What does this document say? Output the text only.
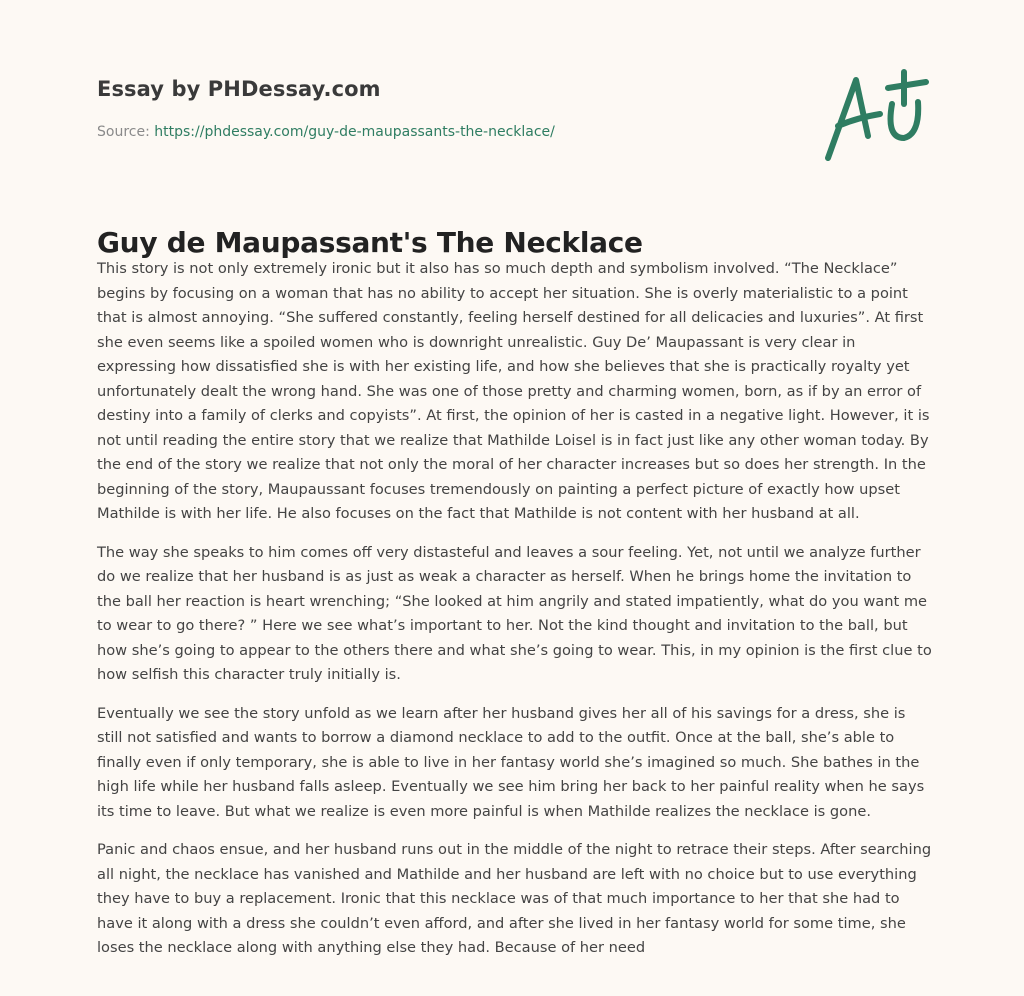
Essay by PHDessay.com
Source: https://phdessay.com/guy-de-maupassants-the-necklace/
Guy de Maupassant's The Necklace

This story is not only extremely ironic but it also has so much depth and symbolism involved. “The Necklace” begins by focusing on a woman that has no ability to accept her situation. She is overly materialistic to a point that is almost annoying. “She suffered constantly, feeling herself destined for all delicacies and luxuries”. At first she even seems like a spoiled women who is downright unrealistic. Guy De’ Maupassant is very clear in expressing how dissatisfied she is with her existing life, and how she believes that she is practically royalty yet unfortunately dealt the wrong hand. She was one of those pretty and charming women, born, as if by an error of destiny into a family of clerks and copyists”. At first, the opinion of her is casted in a negative light. However, it is not until reading the entire story that we realize that Mathilde Loisel is in fact just like any other woman today. By the end of the story we realize that not only the moral of her character increases but so does her strength. In the beginning of the story, Maupaussant focuses tremendously on painting a perfect picture of exactly how upset Mathilde is with her life. He also focuses on the fact that Mathilde is not content with her husband at all.

The way she speaks to him comes off very distasteful and leaves a sour feeling. Yet, not until we analyze further do we realize that her husband is as just as weak a character as herself. When he brings home the invitation to the ball her reaction is heart wrenching; “She looked at him angrily and stated impatiently, what do you want me to wear to go there? ” Here we see what’s important to her. Not the kind thought and invitation to the ball, but how she’s going to appear to the others there and what she’s going to wear. This, in my opinion is the first clue to how selfish this character truly initially is.

Eventually we see the story unfold as we learn after her husband gives her all of his savings for a dress, she is still not satisfied and wants to borrow a diamond necklace to add to the outfit. Once at the ball, she’s able to finally even if only temporary, she is able to live in her fantasy world she’s imagined so much. She bathes in the high life while her husband falls asleep. Eventually we see him bring her back to her painful reality when he says its time to leave. But what we realize is even more painful is when Mathilde realizes the necklace is gone.

Panic and chaos ensue, and her husband runs out in the middle of the night to retrace their steps. After searching all night, the necklace has vanished and Mathilde and her husband are left with no choice but to use everything they have to buy a replacement. Ironic that this necklace was of that much importance to her that she had to have it along with a dress she couldn’t even afford, and after she lived in her fantasy world for some time, she loses the necklace along with anything else they had. Because of her need
